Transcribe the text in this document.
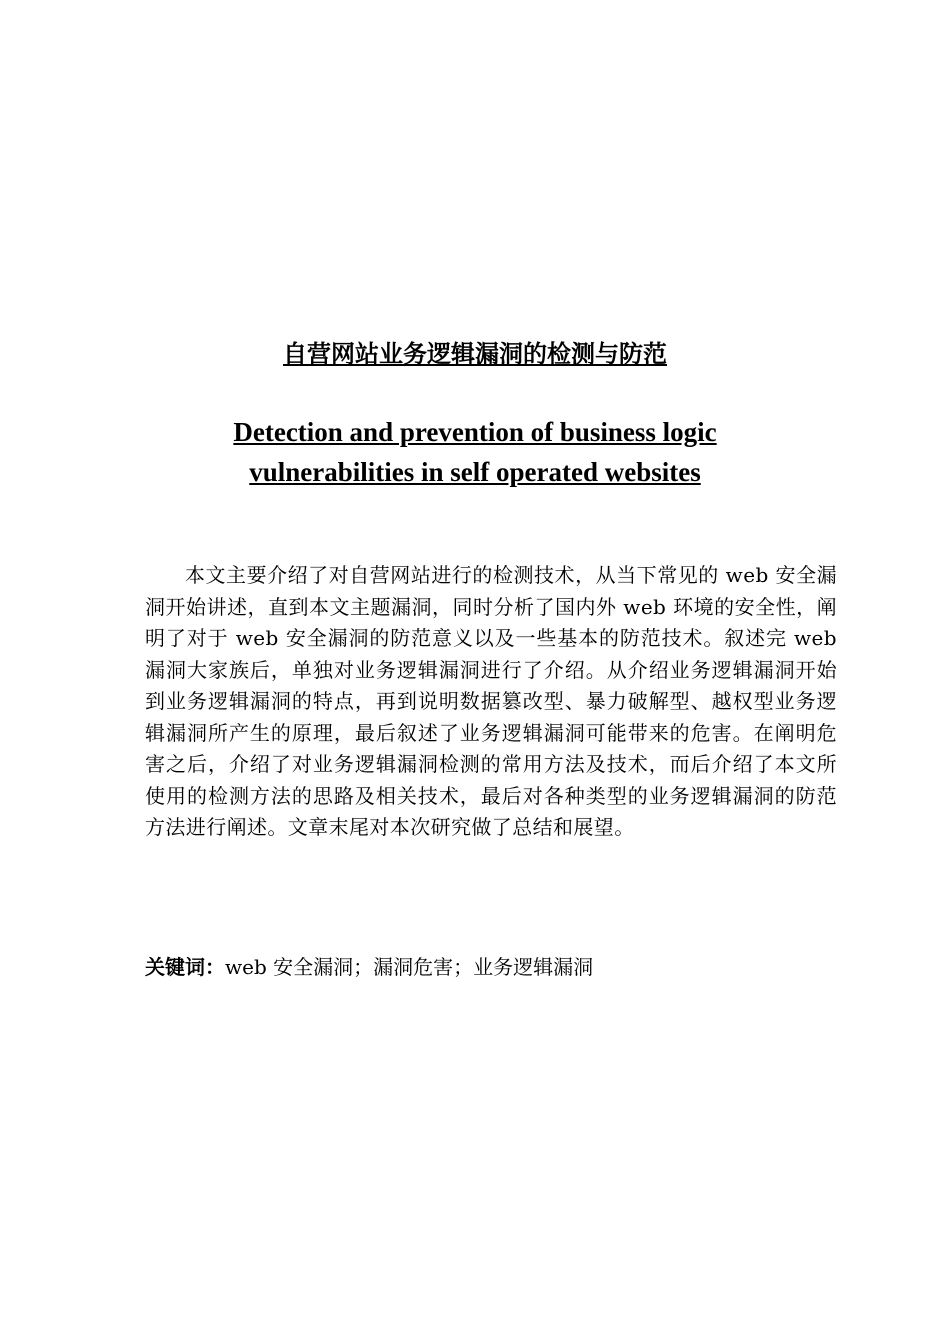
自营网站业务逻辑漏洞的检测与防范
Detection and prevention of business logic
vulnerabilities in self operated websites

本文主要介绍了对自营网站进行的检测技术，从当下常见的 web 安全漏洞开始讲述，直到本文主题漏洞，同时分析了国内外 web 环境的安全性，阐明了对于 web 安全漏洞的防范意义以及一些基本的防范技术。叙述完 web 漏洞大家族后，单独对业务逻辑漏洞进行了介绍。从介绍业务逻辑漏洞开始到业务逻辑漏洞的特点，再到说明数据篡改型、暴力破解型、越权型业务逻辑漏洞所产生的原理，最后叙述了业务逻辑漏洞可能带来的危害。在阐明危害之后，介绍了对业务逻辑漏洞检测的常用方法及技术，而后介绍了本文所使用的检测方法的思路及相关技术，最后对各种类型的业务逻辑漏洞的防范方法进行阐述。文章末尾对本次研究做了总结和展望。

关键词：web 安全漏洞；漏洞危害；业务逻辑漏洞
